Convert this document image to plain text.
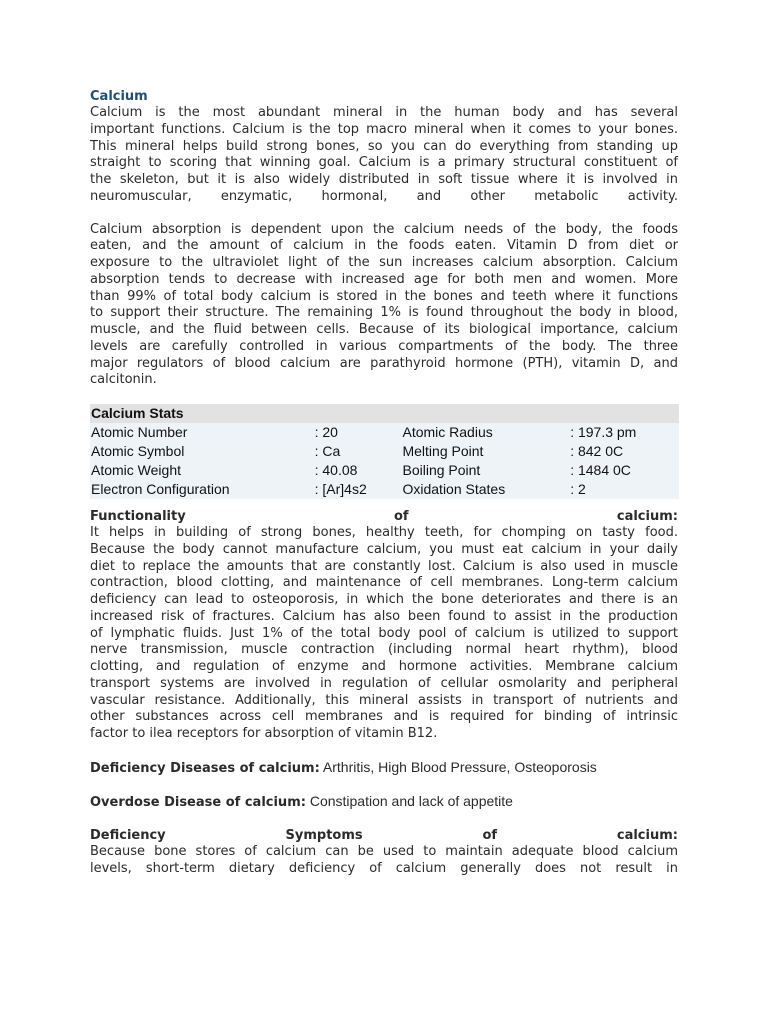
Calcium

Calcium is the most abundant mineral in the human body and has several

important functions. Calcium is the top macro mineral when it comes to your bones.

This mineral helps build strong bones, so you can do everything from standing up

straight to scoring that winning goal. Calcium is a primary structural constituent of

the skeleton, but it is also widely distributed in soft tissue where it is involved in

neuromuscular, enzymatic, hormonal, and other metabolic activity.

Calcium absorption is dependent upon the calcium needs of the body, the foods

eaten, and the amount of calcium in the foods eaten. Vitamin D from diet or

exposure to the ultraviolet light of the sun increases calcium absorption. Calcium

absorption tends to decrease with increased age for both men and women. More

than 99% of total body calcium is stored in the bones and teeth where it functions

to support their structure. The remaining 1% is found throughout the body in blood,

muscle, and the fluid between cells. Because of its biological importance, calcium

levels are carefully controlled in various compartments of the body. The three

major regulators of blood calcium are parathyroid hormone (PTH), vitamin D, and

calcitonin.

Calcium Stats			
Atomic Number	: 20	Atomic Radius	: 197.3 pm
Atomic Symbol	: Ca	Melting Point	: 842 0C
Atomic Weight	: 40.08	Boiling Point	: 1484 0C
Electron Configuration	: [Ar]4s2	Oxidation States	: 2
Functionality	of	calcium:

It helps in building of strong bones, healthy teeth, for chomping on tasty food.

Because the body cannot manufacture calcium, you must eat calcium in your daily

diet to replace the amounts that are constantly lost. Calcium is also used in muscle

contraction, blood clotting, and maintenance of cell membranes. Long-term calcium

deficiency can lead to osteoporosis, in which the bone deteriorates and there is an

increased risk of fractures. Calcium has also been found to assist in the production

of lymphatic fluids. Just 1% of the total body pool of calcium is utilized to support

nerve transmission, muscle contraction (including normal heart rhythm), blood

clotting, and regulation of enzyme and hormone activities. Membrane calcium

transport systems are involved in regulation of cellular osmolarity and peripheral

vascular resistance. Additionally, this mineral assists in transport of nutrients and

other substances across cell membranes and is required for binding of intrinsic

factor to ilea receptors for absorption of vitamin B12.

Deficiency Diseases of calcium: Arthritis, High Blood Pressure, Osteoporosis

Overdose Disease of calcium: Constipation and lack of appetite

Deficiency	Symptoms	of	calcium:

Because bone stores of calcium can be used to maintain adequate blood calcium

levels, short-term dietary deficiency of calcium generally does not result in
